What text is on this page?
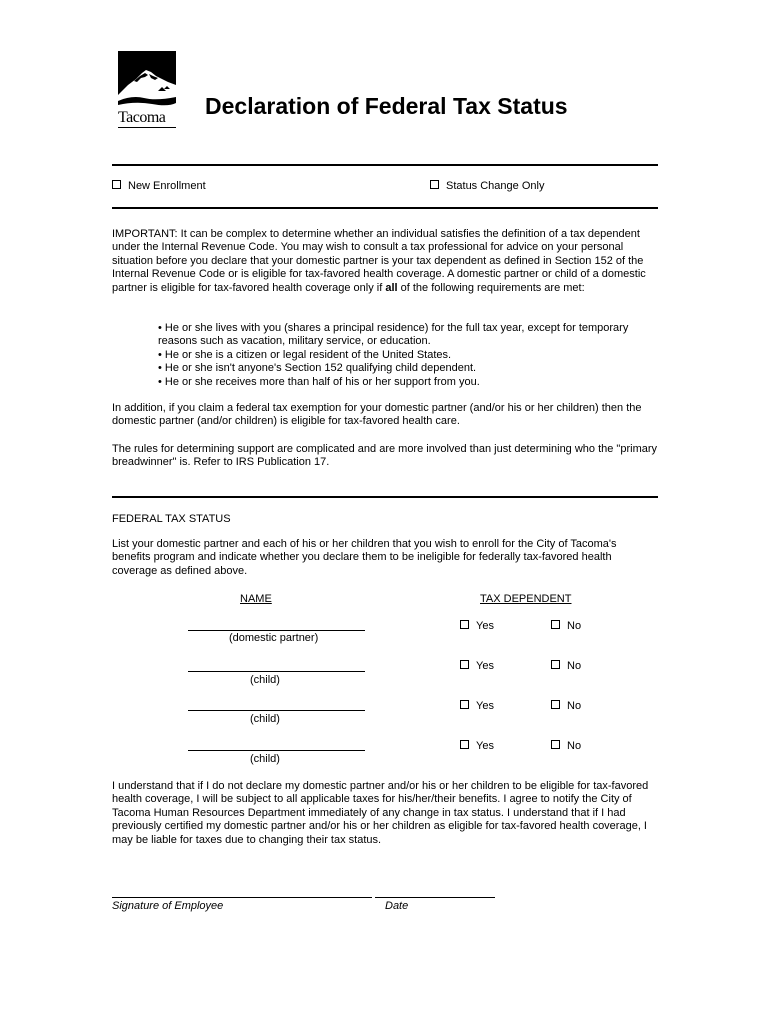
Tacoma	Declaration of Federal Tax Status
New Enrollment	Status Change Only
IMPORTANT: It can be complex to determine whether an individual satisfies the definition of a tax dependent under the Internal Revenue Code. You may wish to consult a tax professional for advice on your personal situation before you declare that your domestic partner is your tax dependent as defined in Section 152 of the Internal Revenue Code or is eligible for tax-favored health coverage. A domestic partner or child of a domestic partner is eligible for tax-favored health coverage only if all of the following requirements are met:
• He or she lives with you (shares a principal residence) for the full tax year, except for temporary reasons such as vacation, military service, or education.
• He or she is a citizen or legal resident of the United States.
• He or she isn't anyone's Section 152 qualifying child dependent.
• He or she receives more than half of his or her support from you.
In addition, if you claim a federal tax exemption for your domestic partner (and/or his or her children) then the domestic partner (and/or children) is eligible for tax-favored health care.
The rules for determining support are complicated and are more involved than just determining who the "primary breadwinner" is. Refer to IRS Publication 17.
FEDERAL TAX STATUS
List your domestic partner and each of his or her children that you wish to enroll for the City of Tacoma's benefits program and indicate whether you declare them to be ineligible for federally tax-favored health coverage as defined above.
NAME	TAX DEPENDENT
(domestic partner)
Yes	No
(child)
Yes	No
(child)
Yes	No
(child)
Yes	No
I understand that if I do not declare my domestic partner and/or his or her children to be eligible for tax-favored health coverage, I will be subject to all applicable taxes for his/her/their benefits. I agree to notify the City of Tacoma Human Resources Department immediately of any change in tax status. I understand that if I had previously certified my domestic partner and/or his or her children as eligible for tax-favored health coverage, I may be liable for taxes due to changing their tax status.
Signature of Employee	Date
